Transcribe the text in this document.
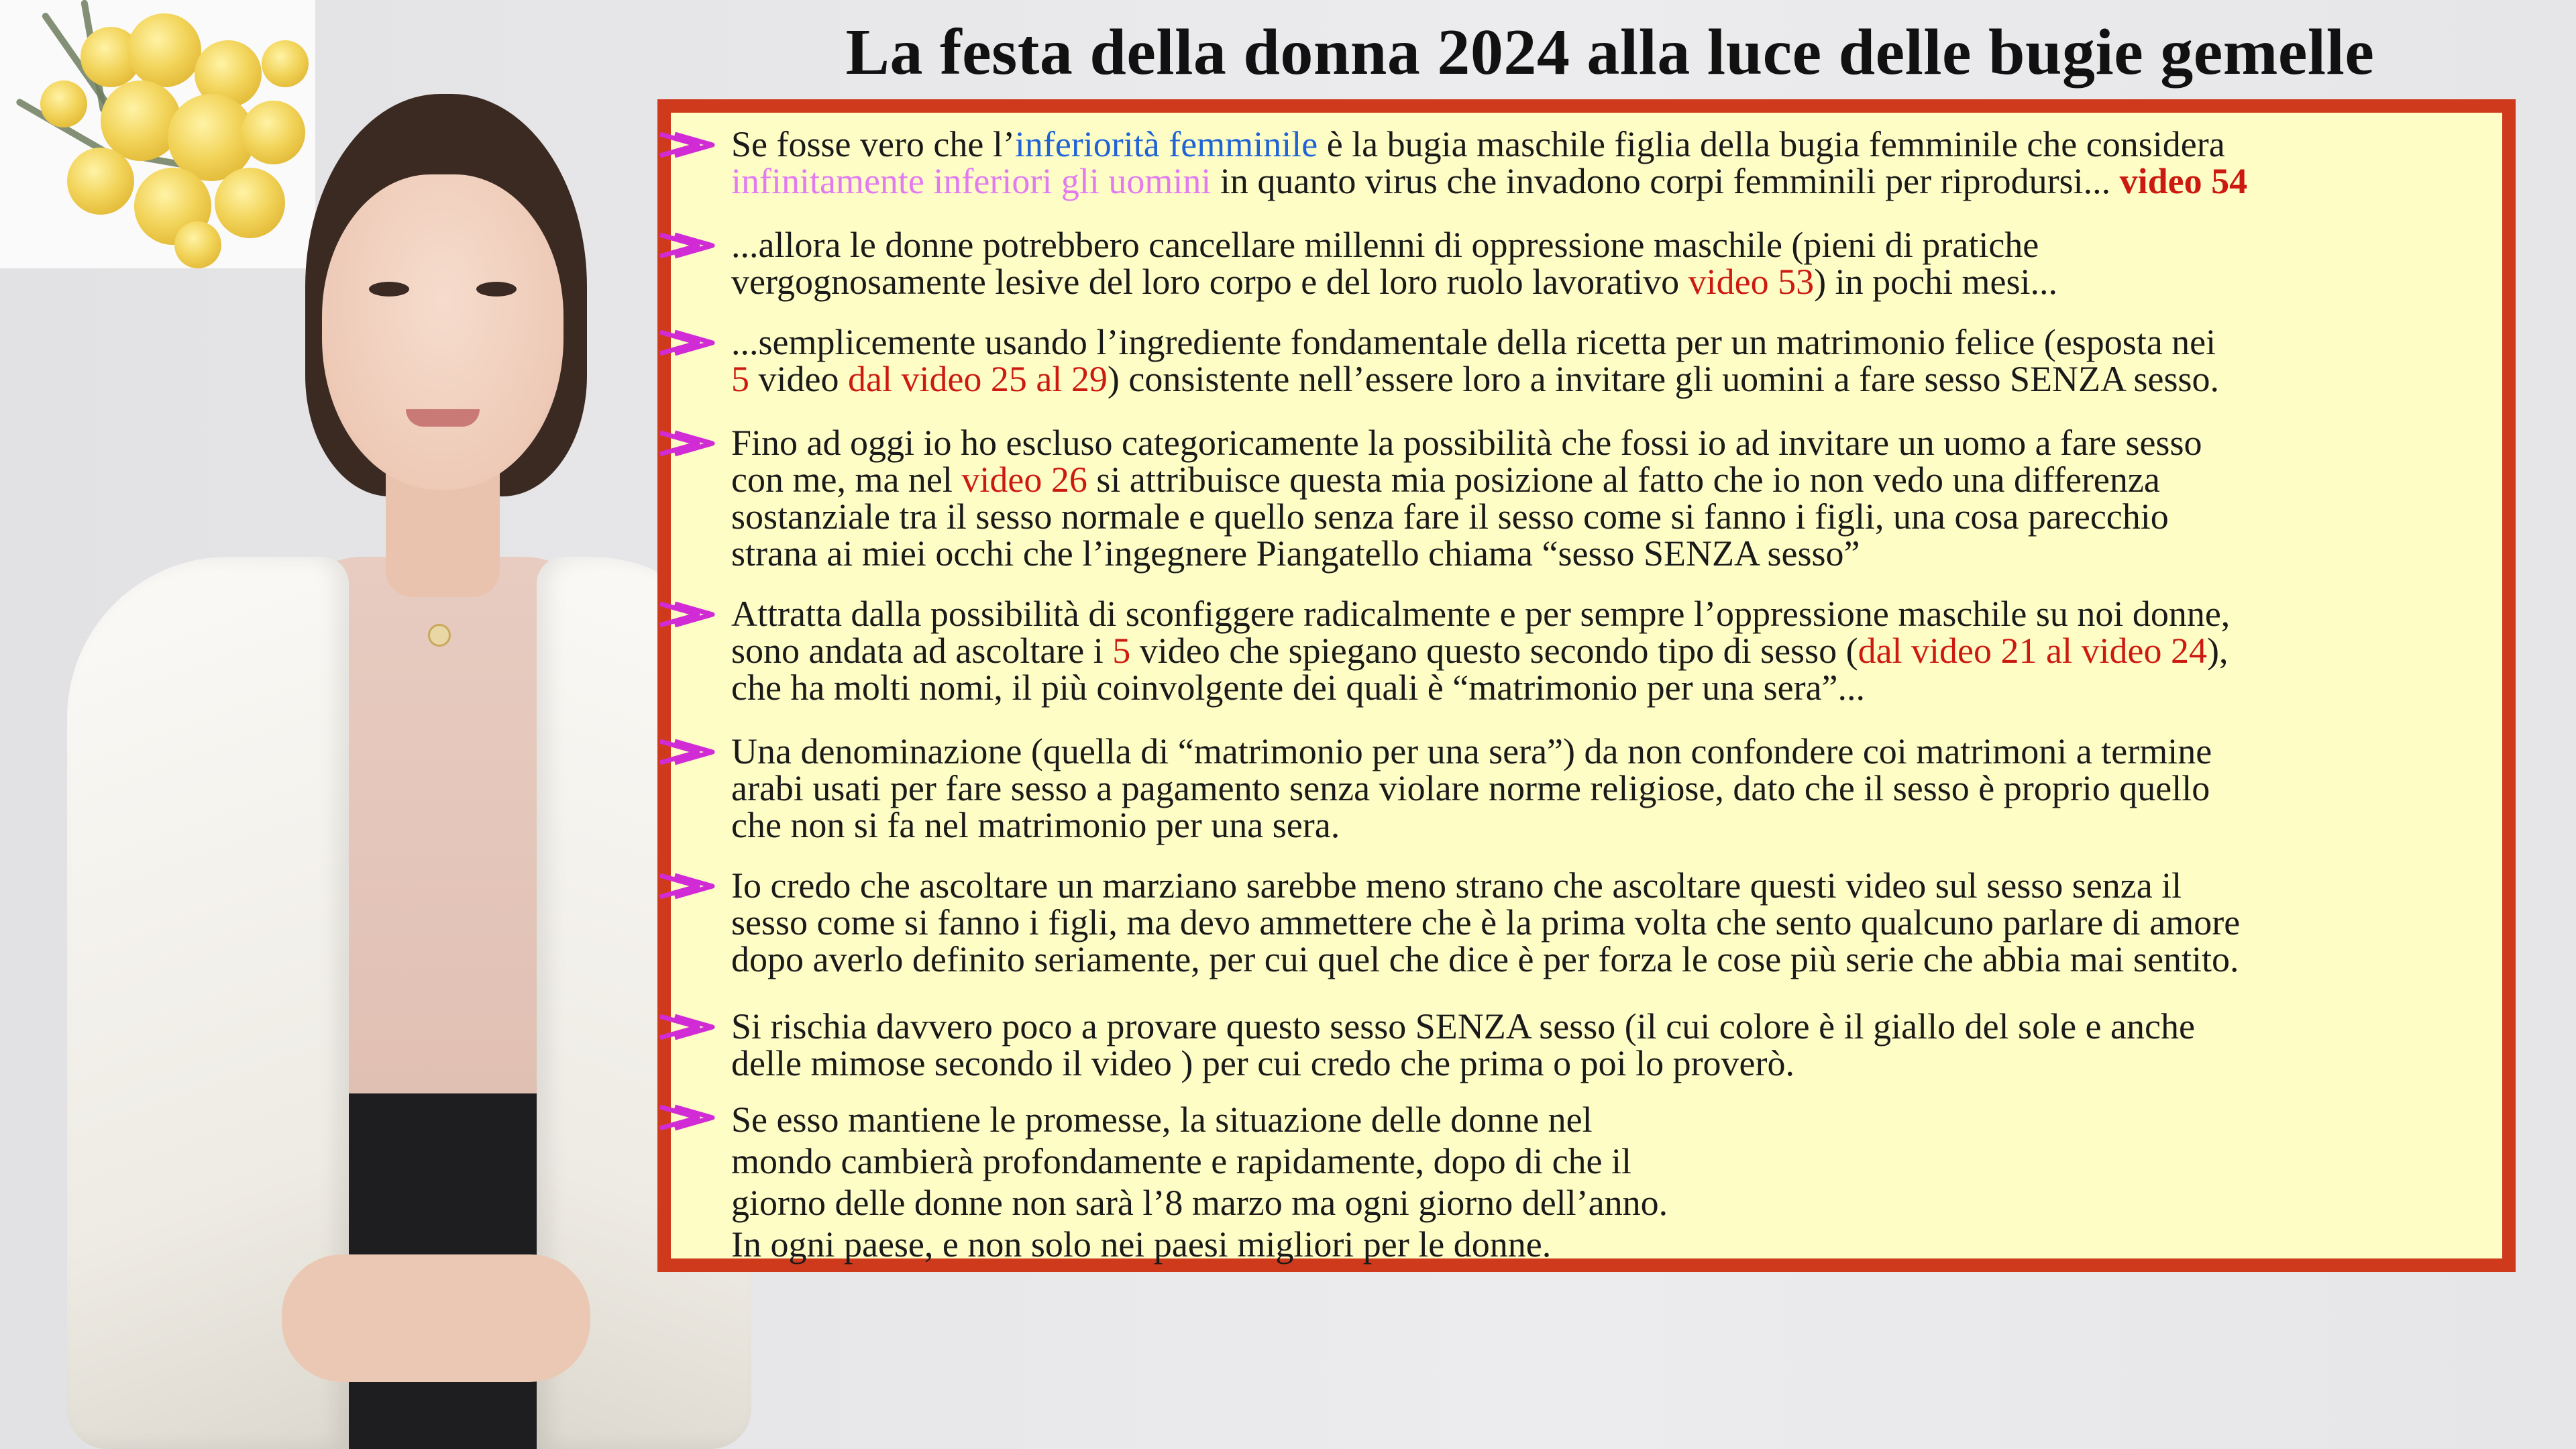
La festa della donna 2024 alla luce delle bugie gemelle
Se fosse vero che l’inferiorità femminile è la bugia maschile figlia della bugia femminile che considera
infinitamente inferiori gli uomini in quanto virus che invadono corpi femminili per riprodursi... video 54
...allora le donne potrebbero cancellare millenni di oppressione maschile (pieni di pratiche
vergognosamente lesive del loro corpo e del loro ruolo lavorativo video 53) in pochi mesi...
...semplicemente usando l’ingrediente fondamentale della ricetta per un matrimonio felice (esposta nei
5 video dal video 25 al 29) consistente nell’essere loro a invitare gli uomini a fare sesso SENZA sesso.
Fino ad oggi io ho escluso categoricamente la possibilità che fossi io ad invitare un uomo a fare sesso
con me, ma nel video 26 si attribuisce questa mia posizione al fatto che io non vedo una differenza
sostanziale tra il sesso normale e quello senza fare il sesso come si fanno i figli, una cosa parecchio
strana ai miei occhi che l’ingegnere Piangatello chiama “sesso SENZA sesso”
Attratta dalla possibilità di sconfiggere radicalmente e per sempre l’oppressione maschile su noi donne,
sono andata ad ascoltare i 5 video che spiegano questo secondo tipo di sesso (dal video 21 al video 24),
che ha molti nomi, il più coinvolgente dei quali è “matrimonio per una sera”...
Una denominazione (quella di “matrimonio per una sera”) da non confondere coi matrimoni a termine
arabi usati per fare sesso a pagamento senza violare norme religiose, dato che il sesso è proprio quello
che non si fa nel matrimonio per una sera.
Io credo che ascoltare un marziano sarebbe meno strano che ascoltare questi video sul sesso senza il
sesso come si fanno i figli, ma devo ammettere che è la prima volta che sento qualcuno parlare di amore
dopo averlo definito seriamente, per cui quel che dice è per forza le cose più serie che abbia mai sentito.
Si rischia davvero poco a provare questo sesso SENZA sesso (il cui colore è il giallo del sole e anche
delle mimose secondo il video ) per cui credo che prima o poi lo proverò.
Se esso mantiene le promesse, la situazione delle donne nel
mondo cambierà profondamente e rapidamente, dopo di che il
giorno delle donne non sarà l’8 marzo ma ogni giorno dell’anno.
In ogni paese, e non solo nei paesi migliori per le donne.
